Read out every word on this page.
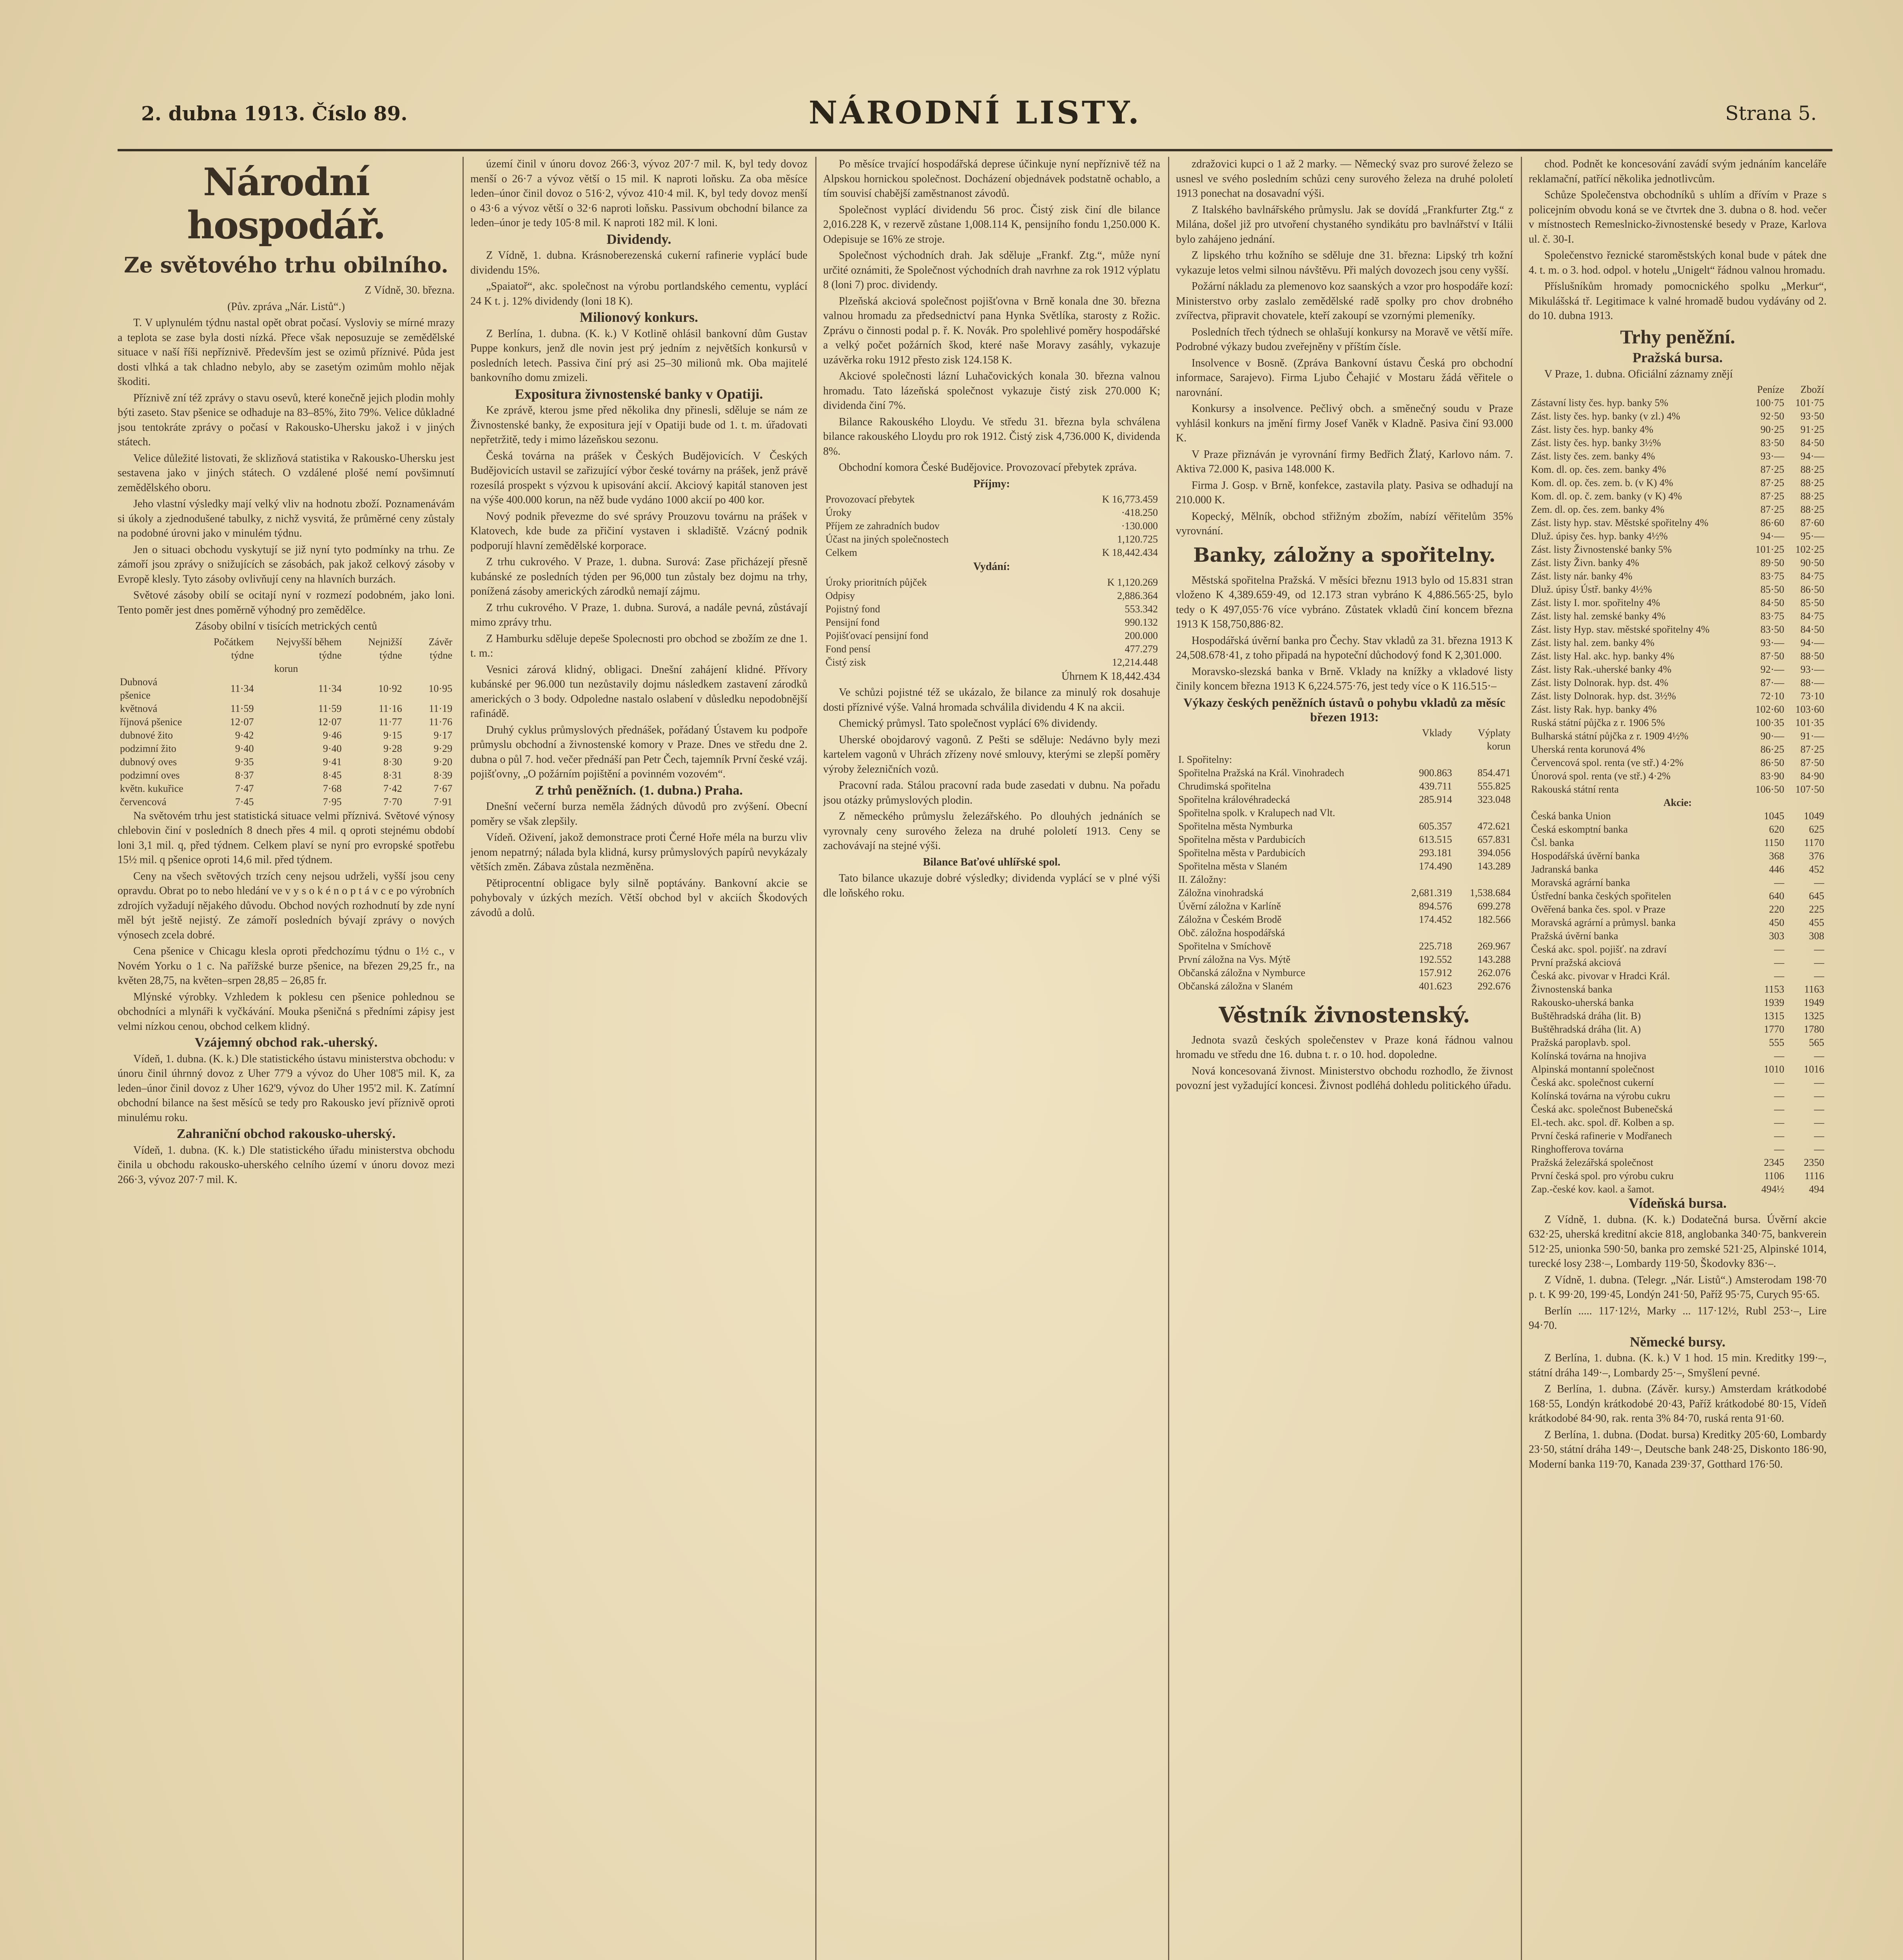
2. dubna 1913. Číslo 89.	NÁRODNÍ LISTY.	Strana 5.
Národní hospodář.
Ze světového trhu obilního.

Z Vídně, 30. března.

(Pův. zpráva „Nár. Listů“.)

T. V uplynulém týdnu nastal opět obrat počasí. Vysloviy se mírné mrazy a teplota se zase byla dosti nízká. Přece však neposuzuje se zemědělské situace v naší říši nepříznivě. Především jest se ozimů příznivé. Půda jest dosti vlhká a tak chladno nebylo, aby se zasetým ozimům mohlo nějak škoditi.

Příznivě zní též zprávy o stavu osevů, které konečně jejich plodin mohly býti zaseto. Stav pšenice se odhaduje na 83–85%, žito 79%. Velice důkladné jsou tentokráte zprávy o počasí v Rakousko-Uhersku jakož i v jiných státech.

Velice důležité listovati, že sklizňová statistika v Rakousko-Uhersku jest sestavena jako v jiných státech. O vzdálené plošé nemí povšimnutí zemědělského oboru.

Jeho vlastní výsledky mají velký vliv na hodnotu zboží. Poznamenávám si úkoly a zjednodušené tabulky, z nichž vysvitá, že průměrné ceny zůstaly na podobné úrovni jako v minulém týdnu.

Jen o situaci obchodu vyskytují se již nyní tyto podmínky na trhu. Ze zámoří jsou zprávy o snižujících se zásobách, pak jakož celkový zásoby v Evropě klesly. Tyto zásoby ovlivňují ceny na hlavních burzách.

Světové zásoby obilí se ocitají nyní v rozmezí podobném, jako loni. Tento poměr jest dnes poměrně výhodný pro zemědělce.

Zásoby obilní v tisících metrických centů

	Počátkem týdne	Nejvyšší během týdne	Nejnižší týdne	Závěr týdne
korun				
Dubnová pšenice	11·34	11·34	10·92	10·95
květnová	11·59	11·59	11·16	11·19
říjnová pšenice	12·07	12·07	11·77	11·76
dubnové žito	9·42	9·46	9·15	9·17
podzimní žito	9·40	9·40	9·28	9·29
dubnový oves	9·35	9·41	8·30	9·20
podzimní oves	8·37	8·45	8·31	8·39
květn. kukuřice	7·47	7·68	7·42	7·67
červencová	7·45	7·95	7·70	7·91

Na světovém trhu jest statistická situace velmi příznivá. Světové výnosy chlebovin činí v posledních 8 dnech přes 4 mil. q oproti stejnému období loni 3,1 mil. q, před týdnem. Celkem plaví se nyní pro evropské spotřebu 15½ mil. q pšenice oproti 14,6 mil. před týdnem.

Ceny na všech světových trzích ceny nejsou udrželi, vyšší jsou ceny opravdu. Obrat po to nebo hledání ve v y s o k é n o p t á v c e po výrobních zdrojích vyžadují nějakého důvodu. Obchod nových rozhodnutí by zde nyní měl být ještě nejistý. Ze zámoří posledních bývají zprávy o nových výnosech zcela dobré.

Cena pšenice v Chicagu klesla oproti předchozímu týdnu o 1½ c., v Novém Yorku o 1 c. Na pařížské burze pšenice, na březen 29,25 fr., na květen 28,75, na květen–srpen 28,85 – 26,85 fr.

Mlýnské výrobky. Vzhledem k poklesu cen pšenice pohlednou se obchodníci a mlynáři k vyčkávání. Mouka pšeničná s předními zápisy jest velmi nízkou cenou, obchod celkem klidný.

Vzájemný obchod rak.-uherský.

Vídeň, 1. dubna. (K. k.) Dle statistického ústavu ministerstva obchodu: v únoru činil úhrnný dovoz z Uher 77'9 a vývoz do Uher 108'5 mil. K, za leden–únor činil dovoz z Uher 162'9, vývoz do Uher 195'2 mil. K. Zatímní obchodní bilance na šest měsíců se tedy pro Rakousko jeví příznivě oproti minulému roku.

Zahraniční obchod rakousko-uherský.

Vídeň, 1. dubna. (K. k.) Dle statistického úřadu ministerstva obchodu činila u obchodu rakousko-uherského celního území v únoru dovoz mezi 266·3, vývoz 207·7 mil. K.

území činil v únoru dovoz 266·3, vývoz 207·7 mil. K, byl tedy dovoz menší o 26·7 a vývoz větší o 15 mil. K naproti loňsku. Za oba měsíce leden–únor činil dovoz o 516·2, vývoz 410·4 mil. K, byl tedy dovoz menší o 43·6 a vývoz větší o 32·6 naproti loňsku. Passivum obchodní bilance za leden–únor je tedy 105·8 mil. K naproti 182 mil. K loni.

Dividendy.

Z Vídně, 1. dubna. Krásnoberezenská cukerní rafinerie vyplácí bude dividendu 15%.

„Spaiatoř“, akc. společnost na výrobu portlandského cementu, vyplácí 24 K t. j. 12% dividendy (loni 18 K).

Milionový konkurs.

Z Berlína, 1. dubna. (K. k.) V Kotlině ohlásil bankovní dům Gustav Puppe konkurs, jenž dle novin jest prý jedním z největších konkursů v posledních letech. Passiva činí prý asi 25–30 milionů mk. Oba majitelé bankovního domu zmizeli.

Expositura živnostenské banky v Opatiji.

Ke zprávě, kterou jsme před několika dny přinesli, sděluje se nám ze Živnostenské banky, že expositura její v Opatiji bude od 1. t. m. úřadovati nepřetržitě, tedy i mimo lázeňskou sezonu.

Česká továrna na prášek v Českých Budějovicích. V Českých Budějovicích ustavil se zařizující výbor české továrny na prášek, jenž právě rozesílá prospekt s výzvou k upisování akcií. Akciový kapitál stanoven jest na výše 400.000 korun, na něž bude vydáno 1000 akcií po 400 kor.

Nový podnik převezme do své správy Prouzovu továrnu na prášek v Klatovech, kde bude za přičiní vystaven i skladiště. Vzácný podnik podporují hlavní zemědělské korporace.

Z trhu cukrového. V Praze, 1. dubna. Surová: Zase přicházejí přesně kubánské ze posledních týden per 96,000 tun zůstaly bez dojmu na trhy, ponížená zásoby amerických zárodků nemají zájmu.

Z trhu cukrového. V Praze, 1. dubna. Surová, a nadále pevná, zůstávají mimo zprávy trhu.

Z Hamburku sděluje depeše Spolecnosti pro obchod se zbožím ze dne 1. t. m.:

Vesnici zárová klidný, obligaci. Dnešní zahájení klidné. Přívory kubánské per 96.000 tun nezůstavily dojmu následkem zastavení zárodků amerických o 3 body. Odpoledne nastalo oslabení v důsledku nepodobnější rafinádě.

Druhý cyklus průmyslových přednášek, pořádaný Ústavem ku podpoře průmyslu obchodní a živnostenské komory v Praze. Dnes ve středu dne 2. dubna o půl 7. hod. večer přednáší pan Petr Čech, tajemník První české vzáj. pojišťovny, „O požárním pojištění a povinném vozovém“.

Z trhů peněžních. (1. dubna.) Praha.

Dnešní večerní burza neměla žádných důvodů pro zvýšení. Obecní poměry se však zlepšily.

Vídeň. Oživení, jakož demonstrace proti Černé Hoře méla na burzu vliv jenom nepatrný; nálada byla klidná, kursy průmyslových papírů nevykázaly větších změn. Zábava zůstala nezměněna.

Pětiprocentní obligace byly silně poptávány. Bankovní akcie se pohybovaly v úzkých mezích. Větší obchod byl v akciích Škodových závodů a dolů.

Po měsíce trvající hospodářská deprese účinkuje nyní nepříznivě též na Alpskou hornickou společnost. Docházení objednávek podstatně ochablo, a tím souvisí chabější zaměstnanost závodů.

Společnost vyplácí dividendu 56 proc. Čistý zisk činí dle bilance 2,016.228 K, v rezervě zůstane 1,008.114 K, pensijního fondu 1,250.000 K. Odepisuje se 16% ze stroje.

Společnost východních drah. Jak sděluje „Frankf. Ztg.“, může nyní určité oznámiti, že Společnost východních drah navrhne za rok 1912 výplatu 8 (loni 7) proc. dividendy.

Plzeňská akciová společnost pojišťovna v Brně konala dne 30. března valnou hromadu za předsednictví pana Hynka Světlíka, starosty z Rožic. Zprávu o činnosti podal p. ř. K. Novák. Pro spolehlivé poměry hospodářské a velký počet požárních škod, které naše Moravy zasáhly, vykazuje uzávěrka roku 1912 přesto zisk 124.158 K.

Akciové společnosti lázní Luhačovických konala 30. března valnou hromadu. Tato lázeňská společnost vykazuje čistý zisk 270.000 K; dividenda činí 7%.

Bilance Rakouského Lloydu. Ve středu 31. března byla schválena bilance rakouského Lloydu pro rok 1912. Čistý zisk 4,736.000 K, dividenda 8%.

Obchodní komora České Budějovice. Provozovací přebytek zpráva.

Příjmy:

Provozovací přebytek	K 16,773.459
Úroky	·418.250
Příjem ze zahradních budov	·130.000
Účast na jiných společnostech	1,120.725
Celkem	K 18,442.434

Vydání:

Úroky prioritních půjček	K 1,120.269
Odpisy	2,886.364
Pojistný fond	553.342
Pensijní fond	990.132
Pojišťovací pensijní fond	200.000
Fond pensí	477.279
Čistý zisk	12,214.448

Úhrnem K 18,442.434

Ve schůzi pojistné též se ukázalo, že bilance za minulý rok dosahuje dosti příznivé výše. Valná hromada schválila dividendu 4 K na akcii.

Chemický průmysl. Tato společnost vyplácí 6% dividendy.

Uherské obojdarový vagonů. Z Pešti se sděluje: Nedávno byly mezi kartelem vagonů v Uhrách zřízeny nové smlouvy, kterými se zlepší poměry výroby železničních vozů.

Pracovní rada. Stálou pracovní rada bude zasedati v dubnu. Na pořadu jsou otázky průmyslových plodin.

Z německého průmyslu železářského. Po dlouhých jednáních se vyrovnaly ceny surového železa na druhé pololetí 1913. Ceny se zachovávají na stejné výši.

Bilance Baťové uhlířské spol.

Tato bilance ukazuje dobré výsledky; dividenda vyplácí se v plné výši dle loňského roku.

zdražovici kupci o 1 až 2 marky. — Německý svaz pro surové železo se usnesl ve svého posledním schůzi ceny surového železa na druhé pololetí 1913 ponechat na dosavadní výši.

Z Italského bavlnářského průmyslu. Jak se dovídá „Frankfurter Ztg.“ z Milána, došel již pro utvoření chystaného syndikátu pro bavlnářství v Itálii bylo zahájeno jednání.

Z lipského trhu kožního se sděluje dne 31. března: Lipský trh kožní vykazuje letos velmi silnou návštěvu. Při malých dovozech jsou ceny vyšší.

Požární nákladu za plemenovo koz saanských a vzor pro hospodáře kozí: Ministerstvo orby zaslalo zemědělské radě spolky pro chov drobného zvířectva, připravit chovatele, kteří zakoupí se vzornými plemeníky.

Posledních třech týdnech se ohlašují konkursy na Moravě ve větší míře. Podrobné výkazy budou zveřejněny v příštím čísle.

Insolvence v Bosně. (Zpráva Bankovní ústavu Česká pro obchodní informace, Sarajevo). Firma Ljubo Čehajić v Mostaru žádá věřitele o narovnání.

Konkursy a insolvence. Pečlivý obch. a směnečný soudu v Praze vyhlásil konkurs na jmění firmy Josef Vaněk v Kladně. Pasiva činí 93.000 K.

V Praze přiznáván je vyrovnání firmy Bedřich Žlatý, Karlovo nám. 7. Aktiva 72.000 K, pasiva 148.000 K.

Firma J. Gosp. v Brně, konfekce, zastavila platy. Pasiva se odhadují na 210.000 K.

Kopecký, Mělník, obchod střižným zbožím, nabízí věřitelům 35% vyrovnání.

Banky, záložny a spořitelny.

Městská spořitelna Pražská. V měsíci březnu 1913 bylo od 15.831 stran vloženo K 4,389.659·49, od 12.173 stran vybráno K 4,886.565·25, bylo tedy o K 497,055·76 více vybráno. Zůstatek vkladů činí koncem března 1913 K 158,750,886·82.

Hospodářská úvěrní banka pro Čechy. Stav vkladů za 31. března 1913 K 24,508.678·41, z toho připadá na hypoteční důchodový fond K 2,301.000.

Moravsko-slezská banka v Brně. Vklady na knížky a vkladové listy činily koncem března 1913 K 6,224.575·76, jest tedy více o K 116.515·–

Výkazy českých peněžních ústavů o pohybu vkladů za měsíc březen 1913:

	Vklady	Výplaty
korun		
I. Spořitelny:		
Spořitelna Pražská na Král. Vinohradech	900.863	854.471
Chrudimská spořitelna	439.711	555.825
Spořitelna královéhradecká	285.914	323.048
Spořitelna spolk. v Kralupech nad Vlt.		
Spořitelna města Nymburka	605.357	472.621
Spořitelna města v Pardubicích	613.515	657.831
Spořitelna města v Pardubicích	293.181	394.056
Spořitelna města v Slaném	174.490	143.289
II. Záložny:		
Záložna vinohradská	2,681.319	1,538.684
Úvěrní záložna v Karlíně	894.576	699.278
Záložna v Českém Brodě	174.452	182.566
Obč. záložna hospodářská		
Spořitelna v Smíchově	225.718	269.967
První záložna na Vys. Mýtě	192.552	143.288
Občanská záložna v Nymburce	157.912	262.076
Občanská záložna v Slaném	401.623	292.676
Věstník živnostenský.

Jednota svazů českých společenstev v Praze koná řádnou valnou hromadu ve středu dne 16. dubna t. r. o 10. hod. dopoledne.

Nová koncesovaná živnost. Ministerstvo obchodu rozhodlo, že živnost povozní jest vyžadující koncesi. Živnost podléhá dohledu politického úřadu.

chod. Podnět ke koncesování zavádí svým jednáním kanceláře reklamační, patřící několika jednotlivcům.

Schůze Společenstva obchodníků s uhlím a dřívím v Praze s policejním obvodu koná se ve čtvrtek dne 3. dubna o 8. hod. večer v místnostech Remeslnicko-živnostenské besedy v Praze, Karlova ul. č. 30-I.

Společenstvo řeznické staroměstských konal bude v pátek dne 4. t. m. o 3. hod. odpol. v hotelu „Unigelt“ řádnou valnou hromadu.

Příslušníkům hromady pomocnického spolku „Merkur“, Mikulášská tř. Legitimace k valné hromadě budou vydávány od 2. do 10. dubna 1913.

Trhy peněžní.

Pražská bursa.

V Praze, 1. dubna. Oficiální záznamy znějí

	Peníze	Zboží
Zástavní listy čes. hyp. banky 5%	100·75	101·75
Zást. listy čes. hyp. banky (v zl.) 4%	92·50	93·50
Zást. listy čes. hyp. banky 4%	90·25	91·25
Zást. listy čes. hyp. banky 3½%	83·50	84·50
Zást. listy čes. zem. banky 4%	93·—	94·—
Kom. dl. op. čes. zem. banky 4%	87·25	88·25
Kom. dl. op. čes. zem. b. (v K) 4%	87·25	88·25
Kom. dl. op. č. zem. banky (v K) 4%	87·25	88·25
Zem. dl. op. čes. zem. banky 4%	87·25	88·25
Zást. listy hyp. stav. Městské spořitelny 4%	86·60	87·60
Dluž. úpisy čes. hyp. banky 4½%	94·—	95·—
Zást. listy Živnostenské banky 5%	101·25	102·25
Zást. listy Živn. banky 4%	89·50	90·50
Zást. listy nár. banky 4%	83·75	84·75
Dluž. úpisy Ústř. banky 4½%	85·50	86·50
Zást. listy I. mor. spořitelny 4%	84·50	85·50
Zást. listy hal. zemské banky 4%	83·75	84·75
Zást. listy Hyp. stav. městské spořitelny 4%	83·50	84·50
Zást. listy hal. zem. banky 4%	93·—	94·—
Zást. listy Hal. akc. hyp. banky 4%	87·50	88·50
Zást. listy Rak.-uherské banky 4%	92·—	93·—
Zást. listy Dolnorak. hyp. dst. 4%	87·—	88·—
Zást. listy Dolnorak. hyp. dst. 3½%	72·10	73·10
Zást. listy Rak. hyp. banky 4%	102·60	103·60
Ruská státní půjčka z r. 1906 5%	100·35	101·35
Bulharská státní půjčka z r. 1909 4½%	90·—	91·—
Uherská renta korunová 4%	86·25	87·25
Červencová spol. renta (ve stř.) 4·2%	86·50	87·50
Únorová spol. renta (ve stř.) 4·2%	83·90	84·90
Rakouská státní renta	106·50	107·50
Akcie:		
Česká banka Union	1045	1049
Česká eskomptní banka	620	625
Čsl. banka	1150	1170
Hospodářská úvěrní banka	368	376
Jadranská banka	446	452
Moravská agrární banka	—	—
Ústřední banka českých spořitelen	640	645
Ověřená banka čes. spol. v Praze	220	225
Moravská agrární a průmysl. banka	450	455
Pražská úvěrní banka	303	308
Česká akc. spol. pojišť. na zdraví	—	—
První pražská akciová	—	—
Česká akc. pivovar v Hradci Král.	—	—
Živnostenská banka	1153	1163
Rakousko-uherská banka	1939	1949
Buštěhradská dráha (lit. B)	1315	1325
Buštěhradská dráha (lit. A)	1770	1780
Pražská paroplavb. spol.	555	565
Kolínská továrna na hnojiva	—	—
Alpinská montanní společnost	1010	1016
Česká akc. společnost cukerní	—	—
Kolínská továrna na výrobu cukru	—	—
Česká akc. společnost Bubenečská	—	—
El.-tech. akc. spol. dř. Kolben a sp.	—	—
První česká rafinerie v Modřanech	—	—
Ringhofferova továrna	—	—
Pražská železářská společnost	2345	2350
První česká spol. pro výrobu cukru	1106	1116
Zap.-české kov. kaol. a šamot.	494½	494

Vídeňská bursa.

Z Vídně, 1. dubna. (K. k.) Dodatečná bursa. Úvěrní akcie 632·25, uherská kreditní akcie 818, anglobanka 340·75, bankverein 512·25, unionka 590·50, banka pro zemské 521·25, Alpinské 1014, turecké losy 238·–, Lombardy 119·50, Škodovky 836·–.

Z Vídně, 1. dubna. (Telegr. „Nár. Listů“.) Amsterodam 198·70 p. t. K 99·20, 199·45, Londýn 241·50, Paříž 95·75, Curych 95·65.

Berlín ..... 117·12½, Marky ... 117·12½, Rubl 253·–, Lire 94·70.

Německé bursy.

Z Berlína, 1. dubna. (K. k.) V 1 hod. 15 min. Kreditky 199·–, státní dráha 149·–, Lombardy 25·–, Smyšlení pevné.

Z Berlína, 1. dubna. (Závěr. kursy.) Amsterdam krátkodobé 168·55, Londýn krátkodobé 20·43, Paříž krátkodobé 80·15, Vídeň krátkodobé 84·90, rak. renta 3% 84·70, ruská renta 91·60.

Z Berlína, 1. dubna. (Dodat. bursa) Kreditky 205·60, Lombardy 23·50, státní dráha 149·–, Deutsche bank 248·25, Diskonto 186·90, Moderní banka 119·70, Kanada 239·37, Gotthard 176·50.
